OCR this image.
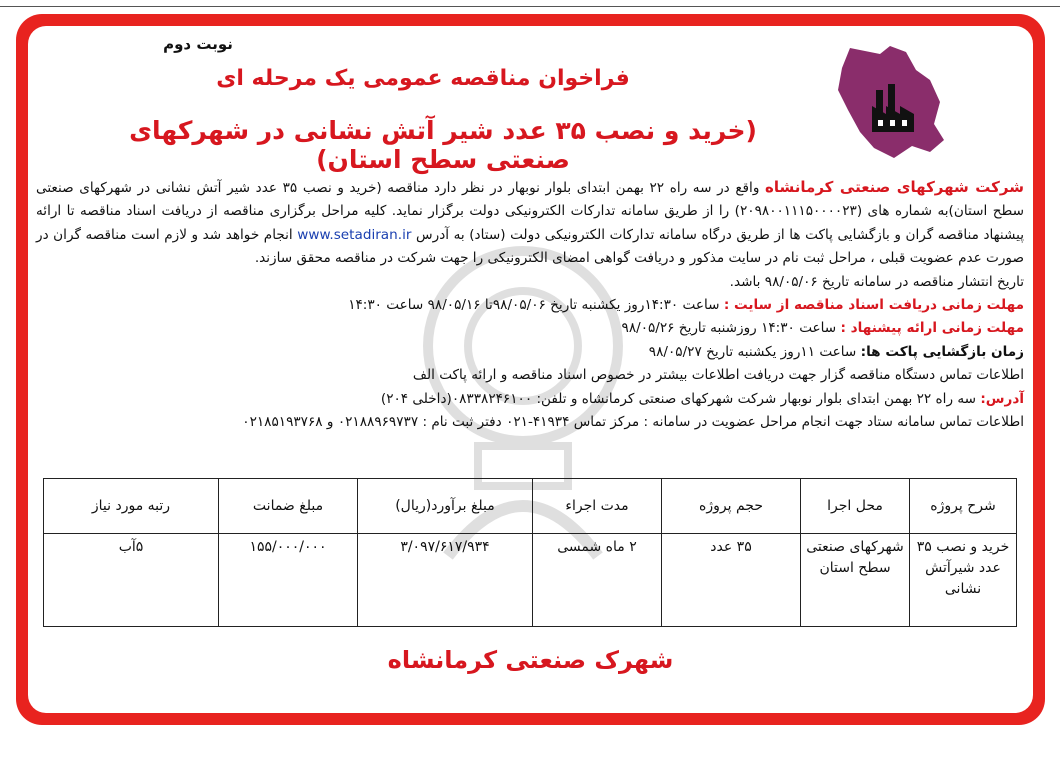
نوبت دوم
فراخوان مناقصه عمومی یک مرحله ای
(خرید و نصب ۳۵ عدد شیر آتش نشانی در شهرکهای صنعتی سطح استان)

شرکت شهرکهای صنعتی کرمانشاه واقع در سه راه ۲۲ بهمن ابتدای بلوار نوبهار در نظر دارد مناقصه (خرید و نصب ۳۵ عدد شیر آتش نشانی در شهرکهای صنعتی سطح استان)به شماره های (۲۰۹۸۰۰۱۱۱۵۰۰۰۰۲۳) را از طریق سامانه تدارکات الکترونیکی دولت برگزار نماید. کلیه مراحل برگزاری مناقصه از دریافت اسناد مناقصه تا ارائه پیشنهاد مناقصه گران و بازگشایی پاکت ها از طریق درگاه سامانه تدارکات الکترونیکی دولت (ستاد) به آدرس www.setadiran.ir انجام خواهد شد و لازم است مناقصه گران در صورت عدم عضویت قبلی ، مراحل ثبت نام در سایت مذکور و دریافت گواهی امضای الکترونیکی را جهت شرکت در مناقصه محقق سازند.

تاریخ انتشار مناقصه در سامانه تاریخ ۹۸/۰۵/۰۶ باشد.

مهلت زمانی دریافت اسناد مناقصه از سایت : ساعت ۱۴:۳۰روز یکشنبه تاریخ ۹۸/۰۵/۰۶تا ۹۸/۰۵/۱۶ ساعت ۱۴:۳۰

مهلت زمانی ارائه پیشنهاد : ساعت ۱۴:۳۰ روزشنبه تاریخ ۹۸/۰۵/۲۶

زمان بازگشایی پاکت ها: ساعت ۱۱روز یکشنبه تاریخ ۹۸/۰۵/۲۷

اطلاعات تماس دستگاه مناقصه گزار جهت دریافت اطلاعات بیشتر در خصوص اسناد مناقصه و ارائه پاکت الف

آدرس: سه راه ۲۲ بهمن ابتدای بلوار نوبهار شرکت شهرکهای صنعتی کرمانشاه و تلفن: ۰۸۳۳۸۲۴۶۱۰۰(داخلی ۲۰۴)

اطلاعات تماس سامانه ستاد جهت انجام مراحل عضویت در سامانه : مرکز تماس ۴۱۹۳۴-۰۲۱ دفتر ثبت نام : ۰۲۱۸۸۹۶۹۷۳۷ و ۰۲۱۸۵۱۹۳۷۶۸

شرح پروژه	محل اجرا	حجم پروژه	مدت اجراء	مبلغ برآورد(ریال)	مبلغ ضمانت	رتبه مورد نیاز
خرید و نصب ۳۵ عدد شیرآتش نشانی	شهرکهای صنعتی سطح استان	۳۵ عدد	۲ ماه شمسی	۳/۰۹۷/۶۱۷/۹۳۴	۱۵۵/۰۰۰/۰۰۰	۵آب
شهرک صنعتی کرمانشاه
